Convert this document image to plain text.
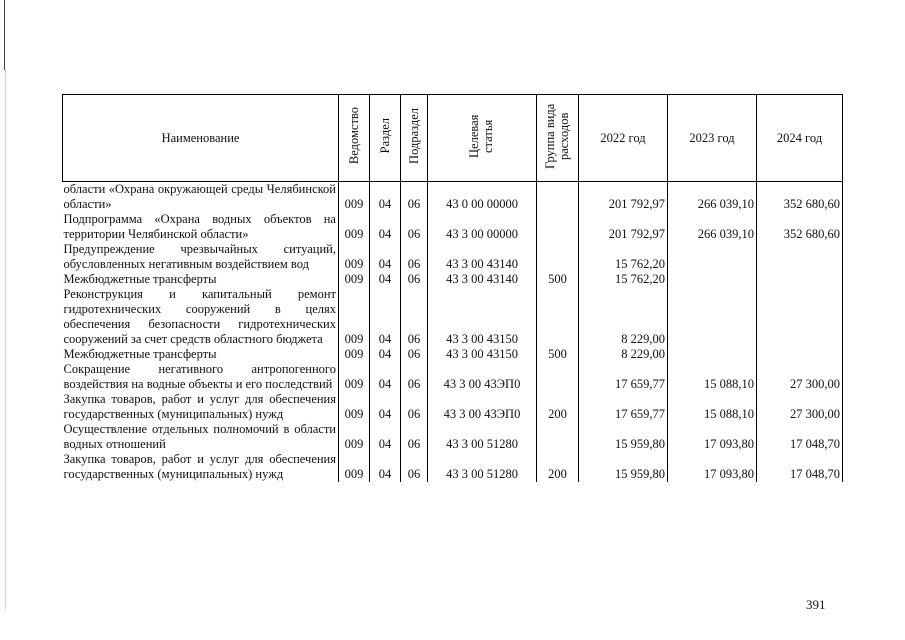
Наименование	Ведомство	Раздел	Подраздел	Целевая статья	Группа вида расходов	2022 год	2023 год	2024 год
области «Охрана окружающей среды Челябинской области»	009	04	06	43 0 00 00000		201 792,97	266 039,10	352 680,60
Подпрограмма «Охрана водных объектов на территории Челябинской области»	009	04	06	43 3 00 00000		201 792,97	266 039,10	352 680,60
Предупреждение чрезвычайных ситуаций, обусловленных негативным воздействием вод	009	04	06	43 3 00 43140		15 762,20		
Межбюджетные трансферты	009	04	06	43 3 00 43140	500	15 762,20		
Реконструкция и капитальный ремонт гидротехнических сооружений в целях обеспечения безопасности гидротехнических сооружений за счет средств областного бюджета	009	04	06	43 3 00 43150		8 229,00		
Межбюджетные трансферты	009	04	06	43 3 00 43150	500	8 229,00		
Сокращение негативного антропогенного воздействия на водные объекты и его последствий	009	04	06	43 3 00 43ЭП0		17 659,77	15 088,10	27 300,00
Закупка товаров, работ и услуг для обеспечения государственных (муниципальных) нужд	009	04	06	43 3 00 43ЭП0	200	17 659,77	15 088,10	27 300,00
Осуществление отдельных полномочий в области водных отношений	009	04	06	43 3 00 51280		15 959,80	17 093,80	17 048,70
Закупка товаров, работ и услуг для обеспечения государственных (муниципальных) нужд	009	04	06	43 3 00 51280	200	15 959,80	17 093,80	17 048,70
391
